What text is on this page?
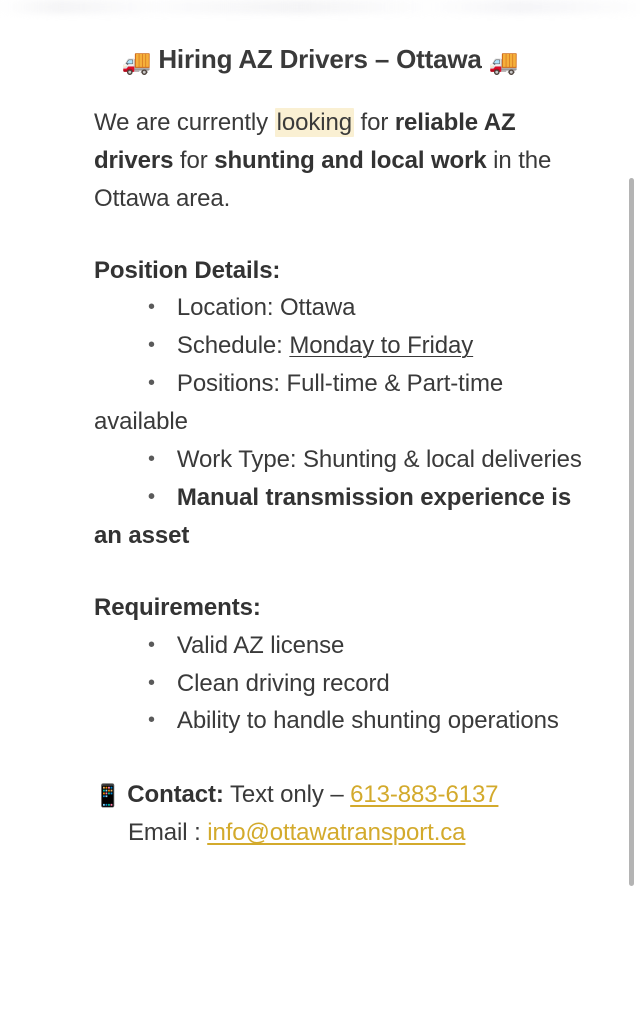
🚚 Hiring AZ Drivers – Ottawa 🚚

We are currently looking for reliable AZ drivers for shunting and local work in the Ottawa area.

Position Details:

• Location: Ottawa
• Schedule: Monday to Friday
• Positions: Full-time & Part-time available
• Work Type: Shunting & local deliveries
• Manual transmission experience is an asset

Requirements:

• Valid AZ license
• Clean driving record
• Ability to handle shunting operations

📱 Contact: Text only – 613-883-6137

Email : info@ottawatransport.ca
